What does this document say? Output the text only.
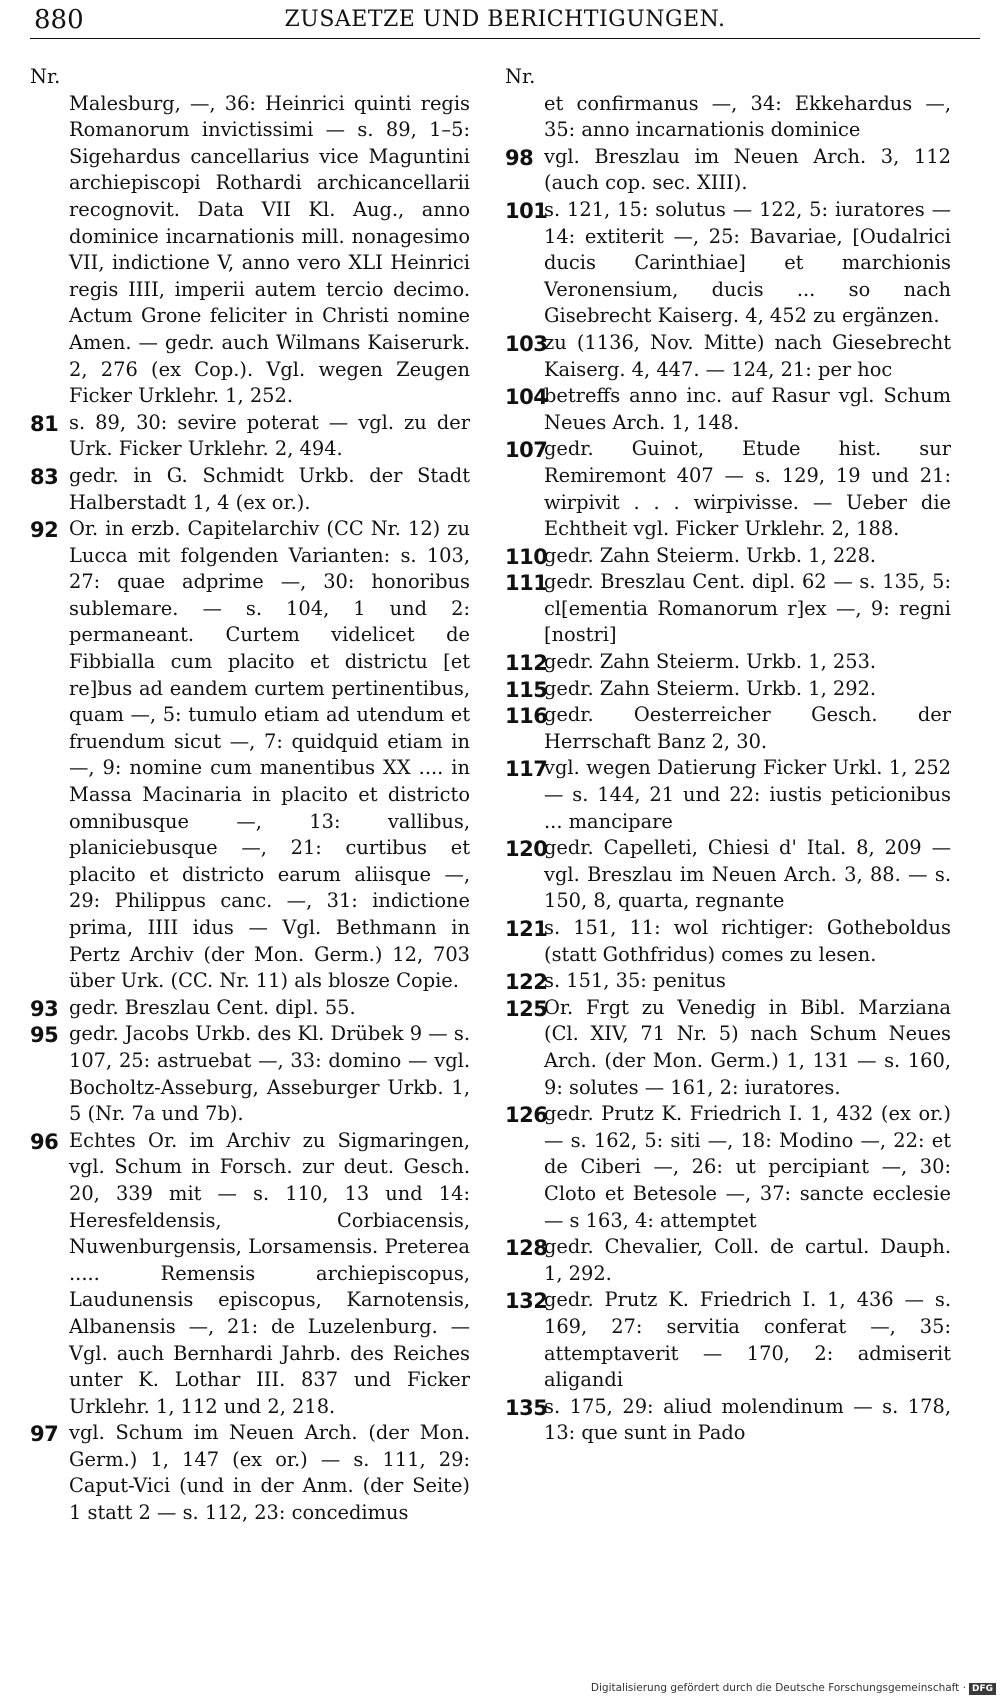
880	ZUSAETZE UND BERICHTIGUNGEN.
Nr.
Malesburg, —, 36: Heinrici quinti regis Romanorum invictissimi — s. 89, 1–5: Sigehardus cancellarius vice Maguntini archiepiscopi Rothardi archicancellarii recognovit. Data VII Kl. Aug., anno dominice incarnationis mill. nonagesimo VII, indictione V, anno vero XLI Heinrici regis IIII, imperii autem tercio decimo. Actum Grone feliciter in Christi nomine Amen. — gedr. auch Wilmans Kaiserurk. 2, 276 (ex Cop.). Vgl. wegen Zeugen Ficker Urklehr. 1, 252.
81 s. 89, 30: sevire poterat — vgl. zu der Urk. Ficker Urklehr. 2, 494.
83 gedr. in G. Schmidt Urkb. der Stadt Halberstadt 1, 4 (ex or.).
92 Or. in erzb. Capitelarchiv (CC Nr. 12) zu Lucca mit folgenden Varianten: s. 103, 27: quae adprime —, 30: honoribus sublemare. — s. 104, 1 und 2: permaneant. Curtem videlicet de Fibbialla cum placito et districtu [et re]bus ad eandem curtem pertinentibus, quam —, 5: tumulo etiam ad utendum et fruendum sicut —, 7: quidquid etiam in —, 9: nomine cum manentibus XX .... in Massa Macinaria in placito et districto omnibusque —, 13: vallibus, planiciebusque —, 21: curtibus et placito et districto earum aliisque —, 29: Philippus canc. —, 31: indictione prima, IIII idus — Vgl. Bethmann in Pertz Archiv (der Mon. Germ.) 12, 703 über Urk. (CC. Nr. 11) als blosze Copie.
93 gedr. Breszlau Cent. dipl. 55.
95 gedr. Jacobs Urkb. des Kl. Drübek 9 — s. 107, 25: astruebat —, 33: domino — vgl. Bocholtz-Asseburg, Asseburger Urkb. 1, 5 (Nr. 7a und 7b).
96 Echtes Or. im Archiv zu Sigmaringen, vgl. Schum in Forsch. zur deut. Gesch. 20, 339 mit — s. 110, 13 und 14: Heresfeldensis, Corbiacensis, Nuwenburgensis, Lorsamensis. Preterea ..... Remensis archiepiscopus, Laudunensis episcopus, Karnotensis, Albanensis —, 21: de Luzelenburg. — Vgl. auch Bernhardi Jahrb. des Reiches unter K. Lothar III. 837 und Ficker Urklehr. 1, 112 und 2, 218.
97 vgl. Schum im Neuen Arch. (der Mon. Germ.) 1, 147 (ex or.) — s. 111, 29: Caput-Vici (und in der Anm. (der Seite) 1 statt 2 — s. 112, 23: concedimus
Nr.
et confirmanus —, 34: Ekkehardus —, 35: anno incarnationis dominice
98 vgl. Breszlau im Neuen Arch. 3, 112 (auch cop. sec. XIII).
101
s. 121, 15: solutus — 122, 5: iuratores — 14: extiterit —, 25: Bavariae, [Oudalrici ducis Carinthiae] et marchionis Veronensium, ducis ... so nach Gisebrecht Kaiserg. 4, 452 zu ergänzen.
103
zu (1136, Nov. Mitte) nach Giesebrecht Kaiserg. 4, 447. — 124, 21: per hoc
104
betreffs anno inc. auf Rasur vgl. Schum Neues Arch. 1, 148.
107
gedr. Guinot, Etude hist. sur Remiremont 407 — s. 129, 19 und 21: wirpivit . . . wirpivisse. — Ueber die Echtheit vgl. Ficker Urklehr. 2, 188.
110
gedr. Zahn Steierm. Urkb. 1, 228.
111
gedr. Breszlau Cent. dipl. 62 — s. 135, 5: cl[ementia Romanorum r]ex —, 9: regni [nostri]
112
gedr. Zahn Steierm. Urkb. 1, 253.
115
gedr. Zahn Steierm. Urkb. 1, 292.
116
gedr. Oesterreicher Gesch. der Herrschaft Banz 2, 30.
117
vgl. wegen Datierung Ficker Urkl. 1, 252 — s. 144, 21 und 22: iustis peticionibus ... mancipare
120
gedr. Capelleti, Chiesi d' Ital. 8, 209 — vgl. Breszlau im Neuen Arch. 3, 88. — s. 150, 8, quarta, regnante
121
s. 151, 11: wol richtiger: Gotheboldus (statt Gothfridus) comes zu lesen.
122
s. 151, 35: penitus
125
Or. Frgt zu Venedig in Bibl. Marziana (Cl. XIV, 71 Nr. 5) nach Schum Neues Arch. (der Mon. Germ.) 1, 131 — s. 160, 9: solutes — 161, 2: iuratores.
126
gedr. Prutz K. Friedrich I. 1, 432 (ex or.) — s. 162, 5: siti —, 18: Modino —, 22: et de Ciberi —, 26: ut percipiant —, 30: Cloto et Betesole —, 37: sancte ecclesie — s 163, 4: attemptet
128
gedr. Chevalier, Coll. de cartul. Dauph. 1, 292.
132
gedr. Prutz K. Friedrich I. 1, 436 — s. 169, 27: servitia conferat —, 35: attemptaverit — 170, 2: admiserit aligandi
135
s. 175, 29: aliud molendinum — s. 178, 13: que sunt in Pado
Digitalisierung gefördert durch die Deutsche Forschungsgemeinschaft · DFG
